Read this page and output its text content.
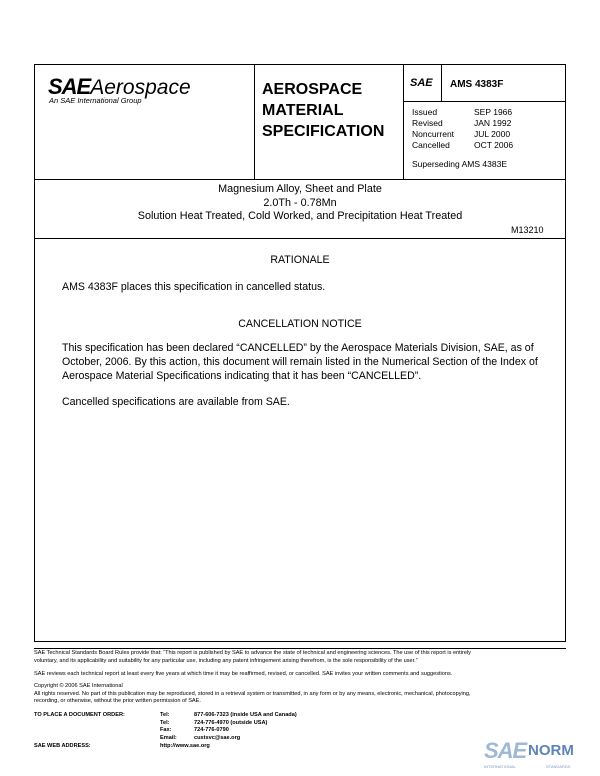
SAEAerospace
An SAE International Group
AEROSPACE
MATERIAL
SPECIFICATION
SAE AMS 4383F
Issued	SEP 1966
Revised	JAN 1992
Noncurrent	JUL 2000
Cancelled	OCT 2006
Superseding AMS 4383E
Magnesium Alloy, Sheet and Plate
2.0Th - 0.78Mn
Solution Heat Treated, Cold Worked, and Precipitation Heat Treated
M13210
RATIONALE
AMS 4383F places this specification in cancelled status.
CANCELLATION NOTICE
This specification has been declared “CANCELLED” by the Aerospace Materials Division, SAE, as of
October, 2006. By this action, this document will remain listed in the Numerical Section of the Index of
Aerospace Material Specifications indicating that it has been “CANCELLED”.
Cancelled specifications are available from SAE.
SAE Technical Standards Board Rules provide that: “This report is published by SAE to advance the state of technical and engineering sciences. The use of this report is entirely
voluntary, and its applicability and suitability for any particular use, including any patent infringement arising therefrom, is the sole responsibility of the user.”
SAE reviews each technical report at least every five years at which time it may be reaffirmed, revised, or cancelled. SAE invites your written comments and suggestions.
Copyright © 2006 SAE International
All rights reserved. No part of this publication may be reproduced, stored in a retrieval system or transmitted, in any form or by any means, electronic, mechanical, photocopying,
recording, or otherwise, without the prior written permission of SAE.
TO PLACE A DOCUMENT ORDER:	Tel:	877-606-7323 (inside USA and Canada)
Tel:	724-776-4970 (outside USA)
Fax:	724-776-0790
Email:	custsvc@sae.org
SAE WEB ADDRESS:	http://www.sae.org	SAE NORM
INTERNATIONAL	STANDARDS
